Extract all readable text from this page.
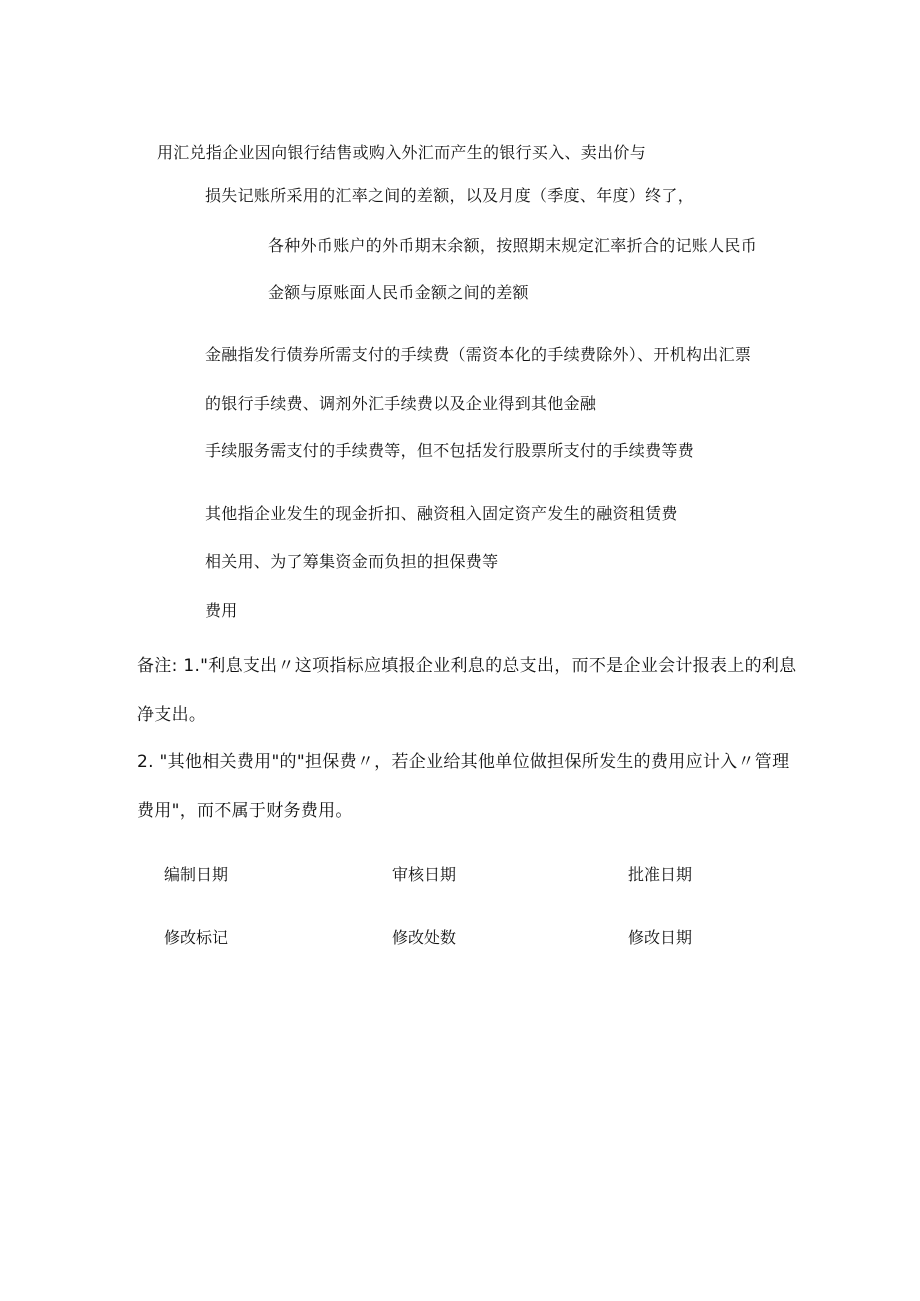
用汇兑指企业因向银行结售或购入外汇而产生的银行买入、卖出价与
损失记账所采用的汇率之间的差额，以及月度（季度、年度）终了，
各种外币账户的外币期末余额，按照期末规定汇率折合的记账人民币
金额与原账面人民币金额之间的差额
金融指发行债券所需支付的手续费（需资本化的手续费除外）、开机构出汇票
的银行手续费、调剂外汇手续费以及企业得到其他金融
手续服务需支付的手续费等，但不包括发行股票所支付的手续费等费
其他指企业发生的现金折扣、融资租入固定资产发生的融资租赁费
相关用、为了筹集资金而负担的担保费等
费用
备注: 1."利息支出〃这项指标应填报企业利息的总支出，而不是企业会计报表上的利息
净支出。
2. "其他相关费用"的"担保费〃，若企业给其他单位做担保所发生的费用应计入〃管理
费用"，而不属于财务费用。
编制日期	审核日期	批准日期
修改标记	修改处数	修改日期
